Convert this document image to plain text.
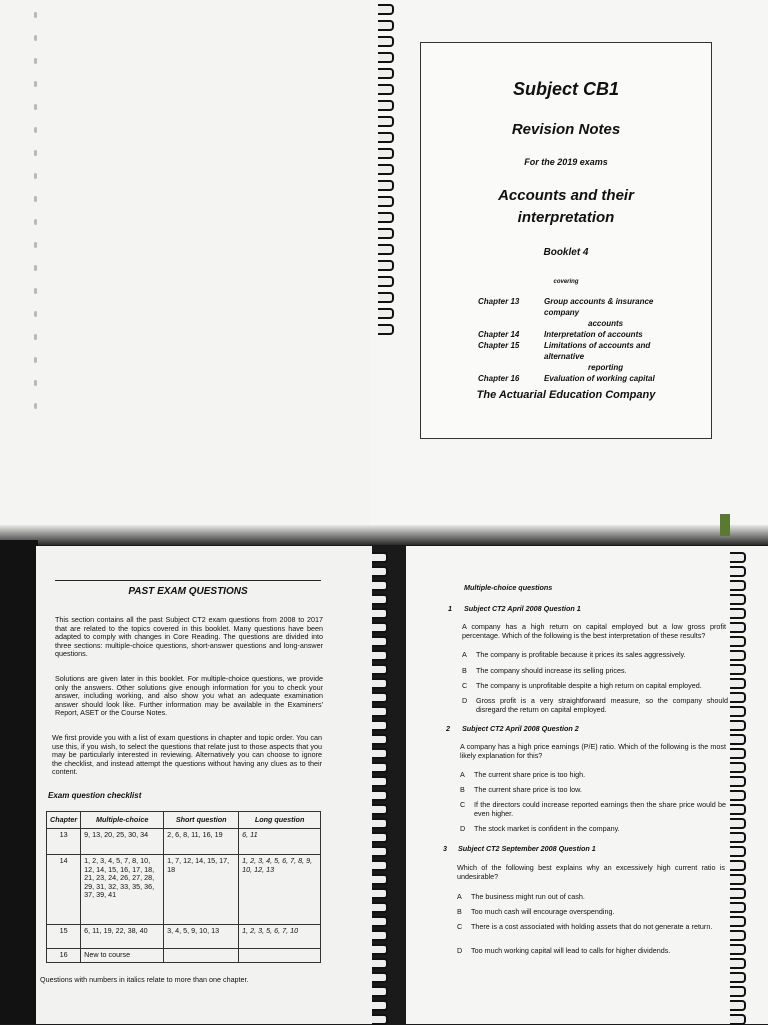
Subject CB1
Revision Notes
For the 2019 exams
Accounts and their
interpretation
Booklet 4
covering
The Actuarial Education Company
Chapter 13	Group accounts & insurance company
accounts
Chapter 14	Interpretation of accounts
Chapter 15	Limitations of accounts and alternative
reporting
Chapter 16	Evaluation of working capital
PAST EXAM QUESTIONS
This section contains all the past Subject CT2 exam questions from 2008 to 2017 that are related to the topics covered in this booklet. Many questions have been adapted to comply with changes in Core Reading. The questions are divided into three sections: multiple-choice questions, short-answer questions and long-answer questions.
Solutions are given later in this booklet. For multiple-choice questions, we provide only the answers. Other solutions give enough information for you to check your answer, including working, and also show you what an adequate examination answer should look like. Further information may be available in the Examiners' Report, ASET or the Course Notes.
We first provide you with a list of exam questions in chapter and topic order. You can use this, if you wish, to select the questions that relate just to those aspects that you may be particularly interested in reviewing. Alternatively you can choose to ignore the checklist, and instead attempt the questions without having any clues as to their content.
Exam question checklist
Chapter	Multiple-choice	Short question	Long question
13	9, 13, 20, 25, 30, 34	2, 6, 8, 11, 16, 19	6, 11
14	1, 2, 3, 4, 5, 7, 8, 10, 12, 14, 15, 16, 17, 18, 21, 23, 24, 26, 27, 28, 29, 31, 32, 33, 35, 36, 37, 39, 41	1, 7, 12, 14, 15, 17, 18	1, 2, 3, 4, 5, 6, 7, 8, 9, 10, 12, 13
15	6, 11, 19, 22, 38, 40	3, 4, 5, 9, 10, 13	1, 2, 3, 5, 6, 7, 10
16	New to course		
Questions with numbers in italics relate to more than one chapter.
Multiple-choice questions
1 Subject CT2 April 2008 Question 1
A company has a high return on capital employed but a low gross profit percentage. Which of the following is the best interpretation of these results?
A	The company is profitable because it prices its sales aggressively.
B	The company should increase its selling prices.
C	The company is unprofitable despite a high return on capital employed.
D	Gross profit is a very straightforward measure, so the company should disregard the return on capital employed.
2 Subject CT2 April 2008 Question 2
A company has a high price earnings (P/E) ratio. Which of the following is the most likely explanation for this?
A	The current share price is too high.
B	The current share price is too low.
C	If the directors could increase reported earnings then the share price would be even higher.
D	The stock market is confident in the company.
3 Subject CT2 September 2008 Question 1
Which of the following best explains why an excessively high current ratio is undesirable?
A	The business might run out of cash.
B	Too much cash will encourage overspending.
C	There is a cost associated with holding assets that do not generate a return.
D	Too much working capital will lead to calls for higher dividends.
